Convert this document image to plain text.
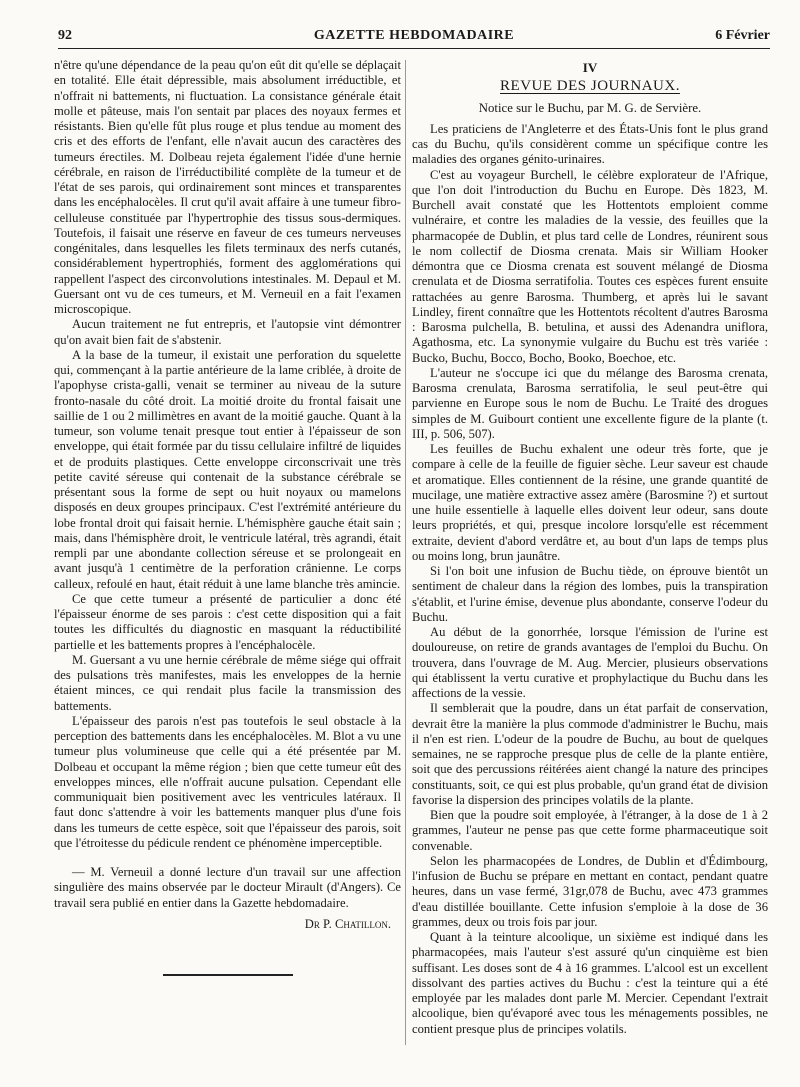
92	GAZETTE HEBDOMADAIRE	6 Février

n'être qu'une dépendance de la peau qu'on eût dit qu'elle se déplaçait en totalité. Elle était dépressible, mais absolument irréductible, et n'offrait ni battements, ni fluctuation. La consistance générale était molle et pâteuse, mais l'on sentait par places des noyaux fermes et résistants. Bien qu'elle fût plus rouge et plus tendue au moment des cris et des efforts de l'enfant, elle n'avait aucun des caractères des tumeurs érectiles. M. Dolbeau rejeta également l'idée d'une hernie cérébrale, en raison de l'irréductibilité complète de la tumeur et de l'état de ses parois, qui ordinairement sont minces et transparentes dans les encéphalocèles. Il crut qu'il avait affaire à une tumeur fibro-celluleuse constituée par l'hypertrophie des tissus sous-dermiques. Toutefois, il faisait une réserve en faveur de ces tumeurs nerveuses congénitales, dans lesquelles les filets terminaux des nerfs cutanés, considérablement hypertrophiés, forment des agglomérations qui rappellent l'aspect des circonvolutions intestinales. M. Depaul et M. Guersant ont vu de ces tumeurs, et M. Verneuil en a fait l'examen microscopique.

Aucun traitement ne fut entrepris, et l'autopsie vint démontrer qu'on avait bien fait de s'abstenir.

A la base de la tumeur, il existait une perforation du squelette qui, commençant à la partie antérieure de la lame criblée, à droite de l'apophyse crista-galli, venait se terminer au niveau de la suture fronto-nasale du côté droit. La moitié droite du frontal faisait une saillie de 1 ou 2 millimètres en avant de la moitié gauche. Quant à la tumeur, son volume tenait presque tout entier à l'épaisseur de son enveloppe, qui était formée par du tissu cellulaire infiltré de liquides et de produits plastiques. Cette enveloppe circonscrivait une très petite cavité séreuse qui contenait de la substance cérébrale se présentant sous la forme de sept ou huit noyaux ou mamelons disposés en deux groupes principaux. C'est l'extrémité antérieure du lobe frontal droit qui faisait hernie. L'hémisphère gauche était sain ; mais, dans l'hémisphère droit, le ventricule latéral, très agrandi, était rempli par une abondante collection séreuse et se prolongeait en avant jusqu'à 1 centimètre de la perforation crânienne. Le corps calleux, refoulé en haut, était réduit à une lame blanche très amincie.

Ce que cette tumeur a présenté de particulier a donc été l'épaisseur énorme de ses parois : c'est cette disposition qui a fait toutes les difficultés du diagnostic en masquant la réductibilité partielle et les battements propres à l'encéphalocèle.

M. Guersant a vu une hernie cérébrale de même siége qui offrait des pulsations très manifestes, mais les enveloppes de la hernie étaient minces, ce qui rendait plus facile la transmission des battements.

L'épaisseur des parois n'est pas toutefois le seul obstacle à la perception des battements dans les encéphalocèles. M. Blot a vu une tumeur plus volumineuse que celle qui a été présentée par M. Dolbeau et occupant la même région ; bien que cette tumeur eût des enveloppes minces, elle n'offrait aucune pulsation. Cependant elle communiquait bien positivement avec les ventricules latéraux. Il faut donc s'attendre à voir les battements manquer plus d'une fois dans les tumeurs de cette espèce, soit que l'épaisseur des parois, soit que l'étroitesse du pédicule rendent ce phénomène imperceptible.

— M. Verneuil a donné lecture d'un travail sur une affection singulière des mains observée par le docteur Mirault (d'Angers). Ce travail sera publié en entier dans la Gazette hebdomadaire.

Dr P. Chatillon.
IV
REVUE DES JOURNAUX.
Notice sur le Buchu, par M. G. de Servière.

Les praticiens de l'Angleterre et des États-Unis font le plus grand cas du Buchu, qu'ils considèrent comme un spécifique contre les maladies des organes génito-urinaires.

C'est au voyageur Burchell, le célèbre explorateur de l'Afrique, que l'on doit l'introduction du Buchu en Europe. Dès 1823, M. Burchell avait constaté que les Hottentots emploient comme vulnéraire, et contre les maladies de la vessie, des feuilles que la pharmacopée de Dublin, et plus tard celle de Londres, réunirent sous le nom collectif de Diosma crenata. Mais sir William Hooker démontra que ce Diosma crenata est souvent mélangé de Diosma crenulata et de Diosma serratifolia. Toutes ces espèces furent ensuite rattachées au genre Barosma. Thumberg, et après lui le savant Lindley, firent connaître que les Hottentots récoltent d'autres Barosma : Barosma pulchella, B. betulina, et aussi des Adenandra uniflora, Agathosma, etc. La synonymie vulgaire du Buchu est très variée : Bucko, Buchu, Bocco, Bocho, Booko, Boechoe, etc.

L'auteur ne s'occupe ici que du mélange des Barosma crenata, Barosma crenulata, Barosma serratifolia, le seul peut-être qui parvienne en Europe sous le nom de Buchu. Le Traité des drogues simples de M. Guibourt contient une excellente figure de la plante (t. III, p. 506, 507).

Les feuilles de Buchu exhalent une odeur très forte, que je compare à celle de la feuille de figuier sèche. Leur saveur est chaude et aromatique. Elles contiennent de la résine, une grande quantité de mucilage, une matière extractive assez amère (Barosmine ?) et surtout une huile essentielle à laquelle elles doivent leur odeur, sans doute leurs propriétés, et qui, presque incolore lorsqu'elle est récemment extraite, devient d'abord verdâtre et, au bout d'un laps de temps plus ou moins long, brun jaunâtre.

Si l'on boit une infusion de Buchu tiède, on éprouve bientôt un sentiment de chaleur dans la région des lombes, puis la transpiration s'établit, et l'urine émise, devenue plus abondante, conserve l'odeur du Buchu.

Au début de la gonorrhée, lorsque l'émission de l'urine est douloureuse, on retire de grands avantages de l'emploi du Buchu. On trouvera, dans l'ouvrage de M. Aug. Mercier, plusieurs observations qui établissent la vertu curative et prophylactique du Buchu dans les affections de la vessie.

Il semblerait que la poudre, dans un état parfait de conservation, devrait être la manière la plus commode d'administrer le Buchu, mais il n'en est rien. L'odeur de la poudre de Buchu, au bout de quelques semaines, ne se rapproche presque plus de celle de la plante entière, soit que des percussions réitérées aient changé la nature des principes constituants, soit, ce qui est plus probable, qu'un grand état de division favorise la dispersion des principes volatils de la plante.

Bien que la poudre soit employée, à l'étranger, à la dose de 1 à 2 grammes, l'auteur ne pense pas que cette forme pharmaceutique soit convenable.

Selon les pharmacopées de Londres, de Dublin et d'Édimbourg, l'infusion de Buchu se prépare en mettant en contact, pendant quatre heures, dans un vase fermé, 31gr,078 de Buchu, avec 473 grammes d'eau distillée bouillante. Cette infusion s'emploie à la dose de 36 grammes, deux ou trois fois par jour.

Quant à la teinture alcoolique, un sixième est indiqué dans les pharmacopées, mais l'auteur s'est assuré qu'un cinquième est bien suffisant. Les doses sont de 4 à 16 grammes. L'alcool est un excellent dissolvant des parties actives du Buchu : c'est la teinture qui a été employée par les malades dont parle M. Mercier. Cependant l'extrait alcoolique, bien qu'évaporé avec tous les ménagements possibles, ne contient presque plus de principes volatils.
